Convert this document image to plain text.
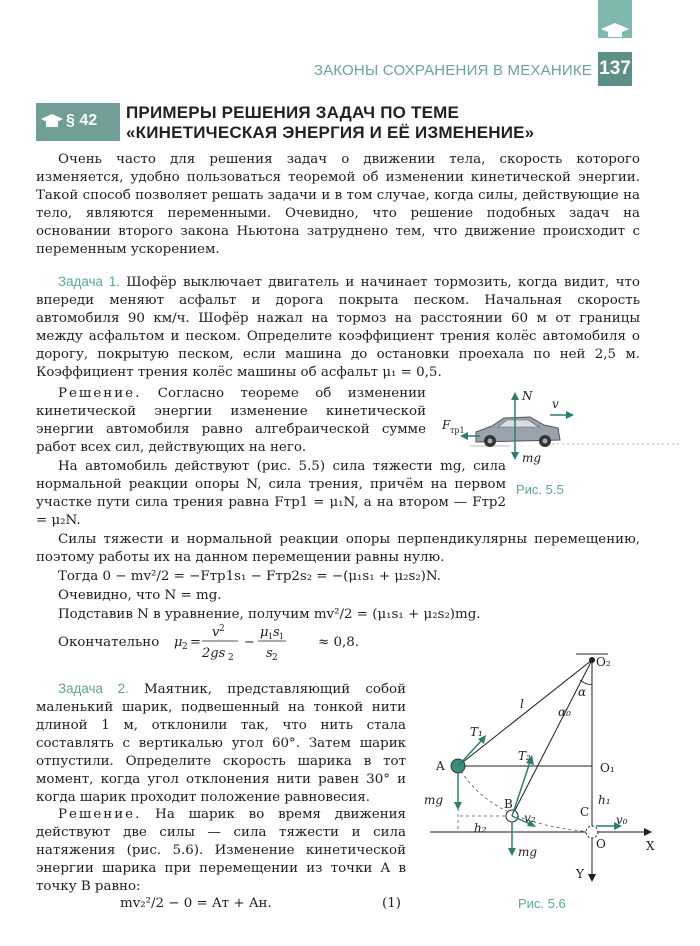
ЗАКОНЫ СОХРАНЕНИЯ В МЕХАНИКЕ 137
§ 42 ПРИМЕРЫ РЕШЕНИЯ ЗАДАЧ ПО ТЕМЕ
«КИНЕТИЧЕСКАЯ ЭНЕРГИЯ И ЕЁ ИЗМЕНЕНИЕ»
Очень часто для решения задач о движении тела, скорость которого изменяется, удобно пользоваться теоремой об изменении кинетической энергии. Такой способ позволяет решать задачи и в том случае, когда силы, действующие на тело, являются переменными. Очевидно, что решение подобных задач на основании второго закона Ньютона затруднено тем, что движение происходит с переменным ускорением.
Задача 1. Шофёр выключает двигатель и начинает тормозить, когда видит, что впереди меняют асфальт и дорога покрыта песком. Начальная скорость автомобиля 90 км/ч. Шофёр нажал на тормоз на расстоянии 60 м от границы между асфальтом и песком. Определите коэффициент трения колёс автомобиля о дорогу, покрытую песком, если машина до остановки проехала по ней 2,5 м. Коэффициент трения колёс машины об асфальт μ₁ = 0,5.
Решение. Согласно теореме об изменении кинетической энергии изменение кинетической энергии автомобиля равно алгебраической сумме работ всех сил, действующих на него.
На автомобиль действуют (рис. 5.5) сила тяжести mg, сила нормальной реакции опоры N, сила трения, причём на первом участке пути сила трения равна Fтр1 = μ₁N, а на втором — Fтр2 = μ₂N.
Силы тяжести и нормальной реакции опоры перпендикулярны перемещению, поэтому работы их на данном перемещении равны нулю.
Тогда 0 − mv²/2 = −Fтр1s₁ − Fтр2s₂ = −(μ₁s₁ + μ₂s₂)N.
Очевидно, что N = mg.
Подставив N в уравнение, получим mv²/2 = (μ₁s₁ + μ₂s₂)mg.
Окончательно μ 2 =
v 2
2gs 2
−
μ 1 s 1
s 2
≈ 0,8.
N
v
F тр1
mg
Рис. 5.5
Задача 2. Маятник, представляющий собой маленький шарик, подвешенный на тонкой нити длиной 1 м, отклонили так, что нить стала составлять с вертикалью угол 60°. Затем шарик отпустили. Определите скорость шарика в тот момент, когда угол отклонения нити равен 30° и когда шарик проходит положение равновесия.
Решение. На шарик во время движения действуют две силы — сила тяжести и сила натяжения (рис. 5.6). Изменение кинетической энергии шарика при перемещении из точки A в точку B равно:
mv₂²/2 − 0 = Aт + Aн.	(1)
O₂
O₁
O
A
B
C
X
Y
l
α
α₀
T₁
T₂
h₁
h₂
v₂	v₀
mg
mg
Рис. 5.6
